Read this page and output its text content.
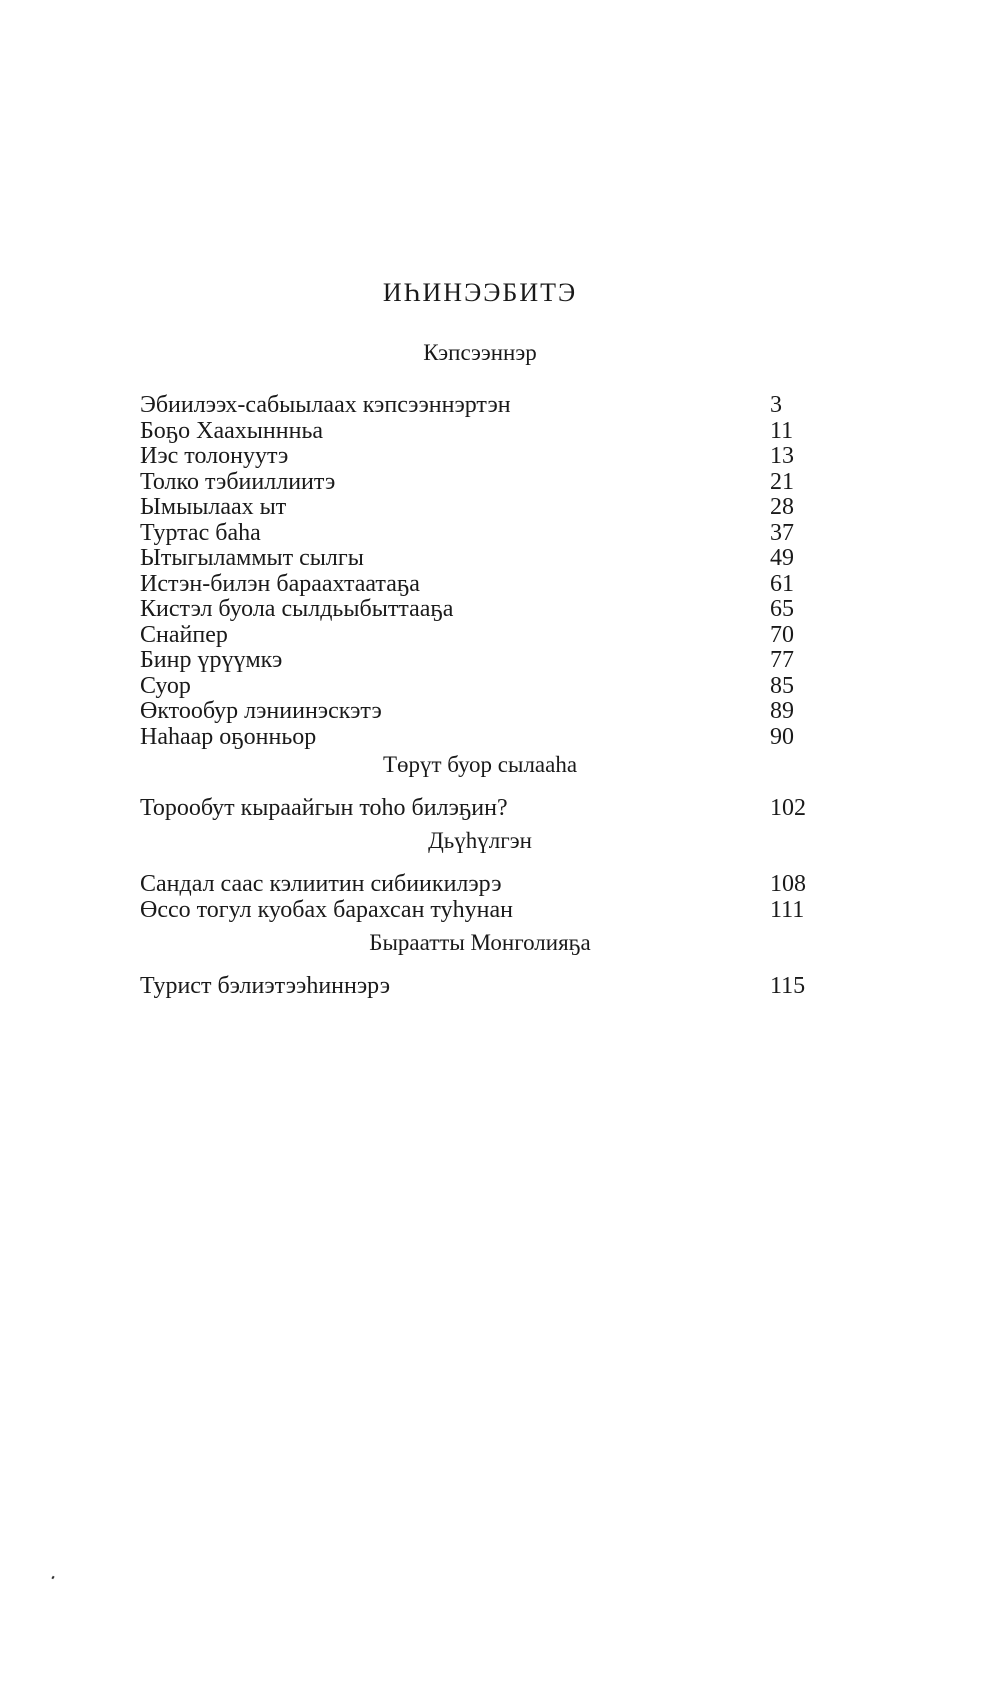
ИҺИНЭЭБИТЭ
Кэпсээннэр
Эбиилээх-сабыылаах кэпсээннэртэн	3
Боҕо Хаахыннньа	11
Иэс толонуутэ	13
Толко тэбииллиитэ	21
Ымыылаах ыт	28
Туртас баһа	37
Ытыгыламмыт сылгы	49
Истэн-билэн бараахтаатаҕа	61
Кистэл буола сылдьыбыттааҕа	65
Снайпер	70
Бинр үрүүмкэ	77
Суор	85
Өктообур лэниинэскэтэ	89
Наһаар оҕонньор	90
Төрүт буор сылааһа
Торообут кыраайгын тоһо билэҕин?	102
Дьүһүлгэн
Сандал саас кэлиитин сибиикилэрэ	108
Өссо тогул куобах барахсан туһунан	111
Быраатты Монголияҕа
Турист бэлиэтээһиннэрэ	115
